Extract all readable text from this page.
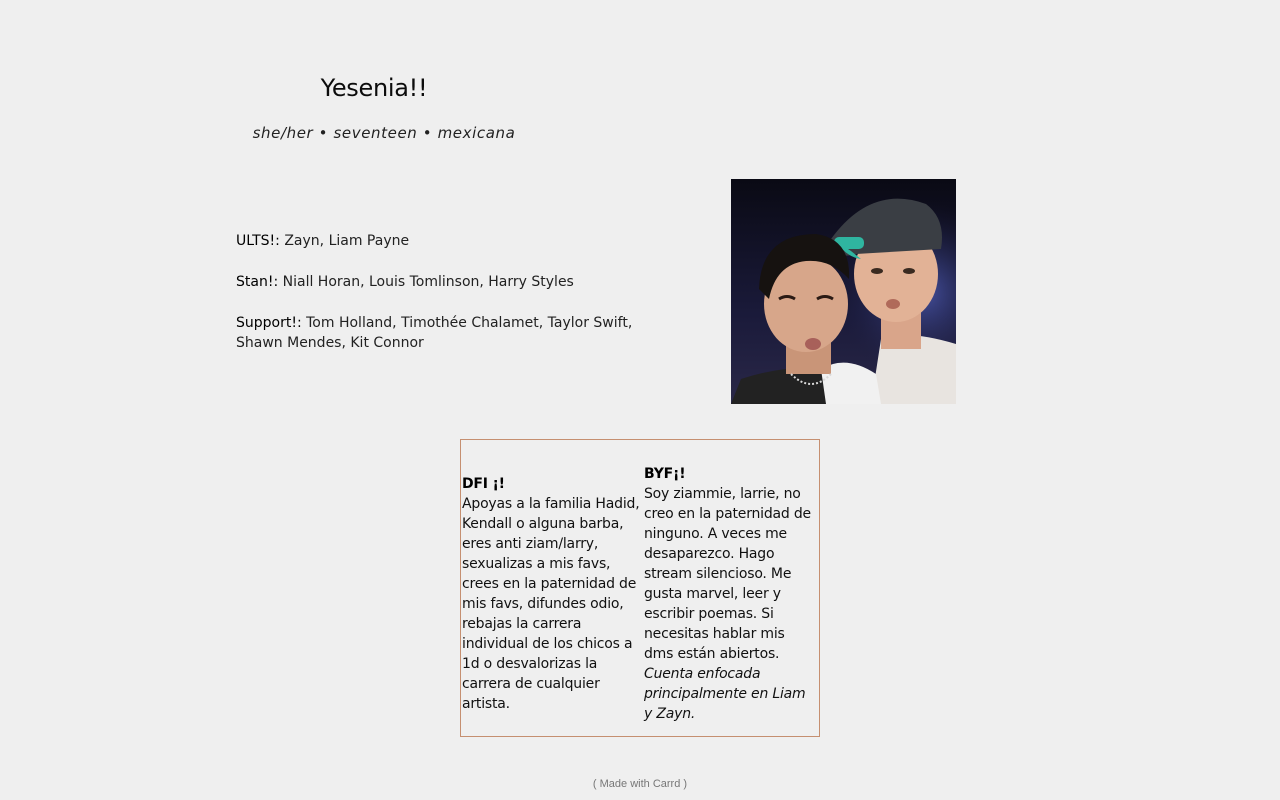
Yesenia!!
she/her • seventeen • mexicana

ULTS!: Zayn, Liam Payne

Stan!: Niall Horan, Louis Tomlinson, Harry Styles

Support!: Tom Holland, Timothée Chalamet, Taylor Swift, Shawn Mendes, Kit Connor

DFI ¡!
Apoyas a la familia Hadid, Kendall o alguna barba, eres anti ziam/larry, sexualizas a mis favs, crees en la paternidad de mis favs, difundes odio, rebajas la carrera individual de los chicos a 1d o desvalorizas la carrera de cualquier artista.
BYF¡!
Soy ziammie, larrie, no creo en la paternidad de ninguno. A veces me desaparezco. Hago stream silencioso. Me gusta marvel, leer y escribir poemas. Si necesitas hablar mis dms están abiertos. Cuenta enfocada principalmente en Liam y Zayn.
( Made with Carrd )
